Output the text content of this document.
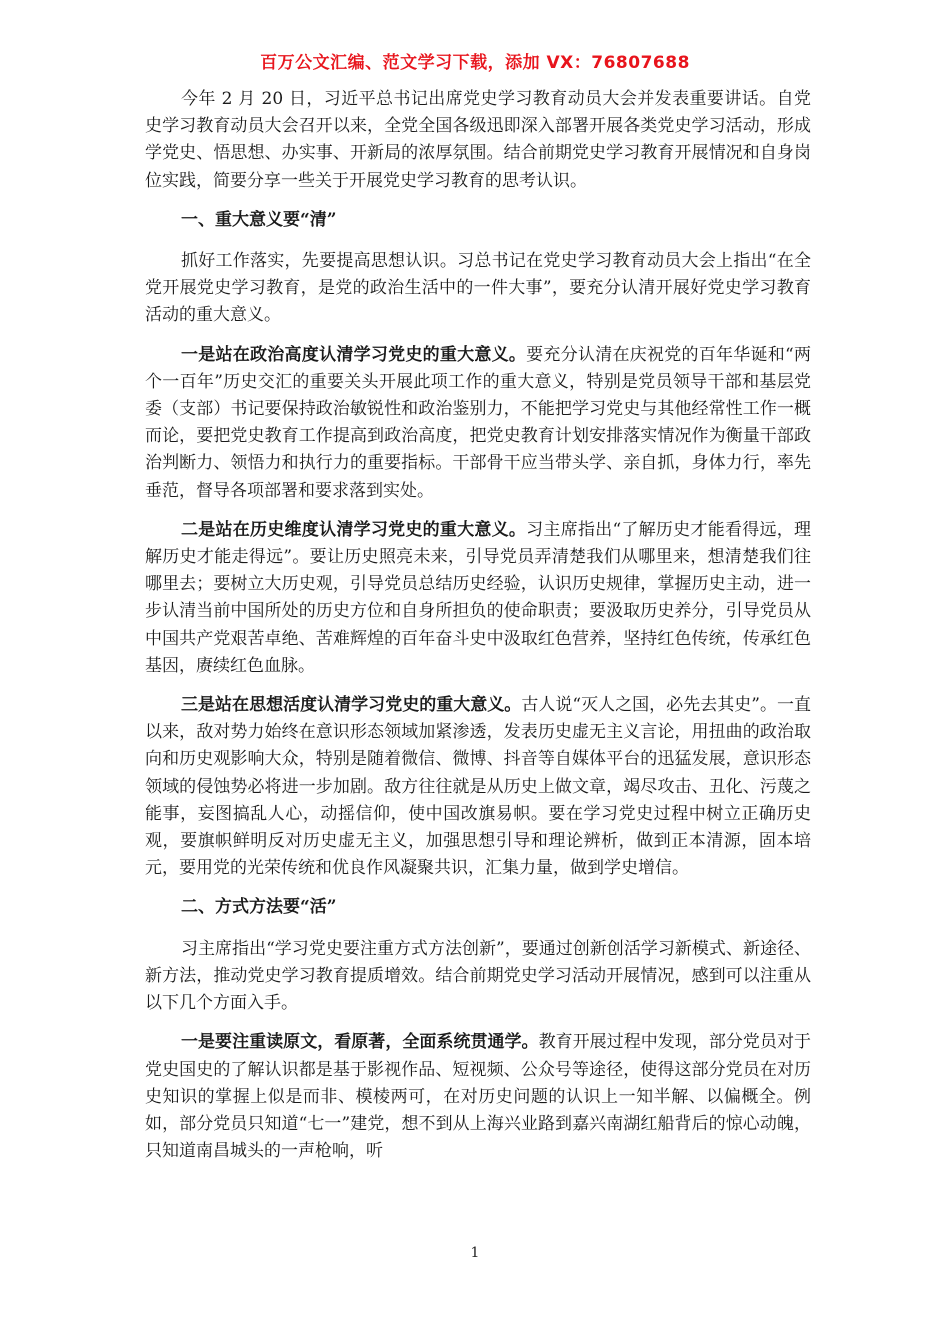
百万公文汇编、范文学习下载，添加 VX：76807688

今年 2 月 20 日，习近平总书记出席党史学习教育动员大会并发表重要讲话。自党史学习教育动员大会召开以来，全党全国各级迅即深入部署开展各类党史学习活动，形成学党史、悟思想、办实事、开新局的浓厚氛围。结合前期党史学习教育开展情况和自身岗位实践，简要分享一些关于开展党史学习教育的思考认识。

一、重大意义要“清”

抓好工作落实，先要提高思想认识。习总书记在党史学习教育动员大会上指出“在全党开展党史学习教育，是党的政治生活中的一件大事”，要充分认清开展好党史学习教育活动的重大意义。

一是站在政治高度认清学习党史的重大意义。要充分认清在庆祝党的百年华诞和“两个一百年”历史交汇的重要关头开展此项工作的重大意义，特别是党员领导干部和基层党委（支部）书记要保持政治敏锐性和政治鉴别力，不能把学习党史与其他经常性工作一概而论，要把党史教育工作提高到政治高度，把党史教育计划安排落实情况作为衡量干部政治判断力、领悟力和执行力的重要指标。干部骨干应当带头学、亲自抓，身体力行，率先垂范，督导各项部署和要求落到实处。

二是站在历史维度认清学习党史的重大意义。习主席指出“了解历史才能看得远，理解历史才能走得远”。要让历史照亮未来，引导党员弄清楚我们从哪里来，想清楚我们往哪里去；要树立大历史观，引导党员总结历史经验，认识历史规律，掌握历史主动，进一步认清当前中国所处的历史方位和自身所担负的使命职责；要汲取历史养分，引导党员从中国共产党艰苦卓绝、苦难辉煌的百年奋斗史中汲取红色营养，坚持红色传统，传承红色基因，赓续红色血脉。

三是站在思想活度认清学习党史的重大意义。古人说“灭人之国，必先去其史”。一直以来，敌对势力始终在意识形态领域加紧渗透，发表历史虚无主义言论，用扭曲的政治取向和历史观影响大众，特别是随着微信、微博、抖音等自媒体平台的迅猛发展，意识形态领域的侵蚀势必将进一步加剧。敌方往往就是从历史上做文章，竭尽攻击、丑化、污蔑之能事，妄图搞乱人心，动摇信仰，使中国改旗易帜。要在学习党史过程中树立正确历史观，要旗帜鲜明反对历史虚无主义，加强思想引导和理论辨析，做到正本清源，固本培元，要用党的光荣传统和优良作风凝聚共识，汇集力量，做到学史增信。

二、方式方法要“活”

习主席指出“学习党史要注重方式方法创新”，要通过创新创活学习新模式、新途径、新方法，推动党史学习教育提质增效。结合前期党史学习活动开展情况，感到可以注重从以下几个方面入手。

一是要注重读原文，看原著，全面系统贯通学。教育开展过程中发现，部分党员对于党史国史的了解认识都是基于影视作品、短视频、公众号等途径，使得这部分党员在对历史知识的掌握上似是而非、模棱两可，在对历史问题的认识上一知半解、以偏概全。例如，部分党员只知道“七一”建党，想不到从上海兴业路到嘉兴南湖红船背后的惊心动魄，只知道南昌城头的一声枪响，听

1
